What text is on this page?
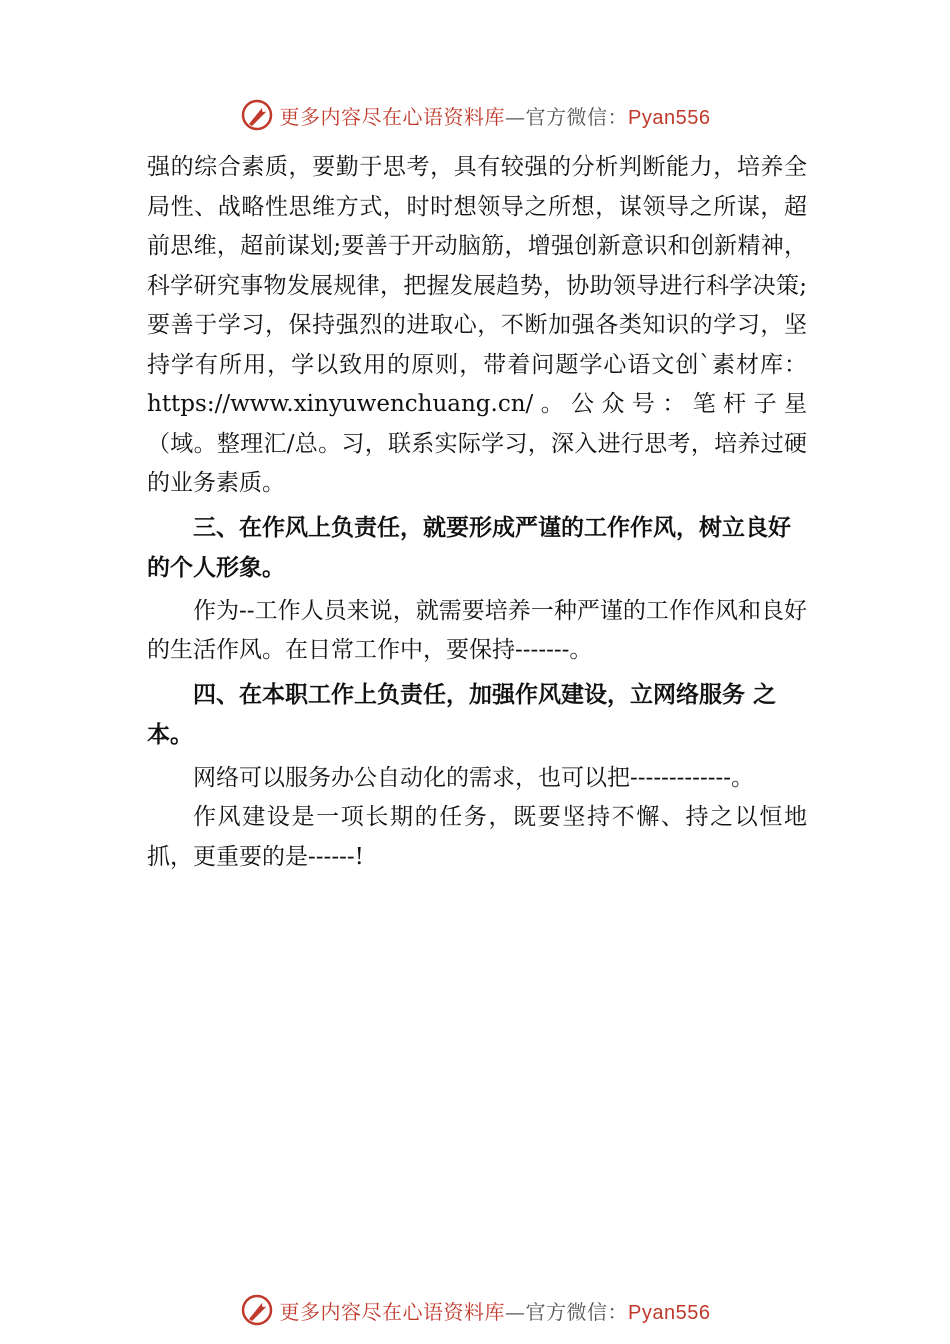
更多内容尽在心语资料库—官方微信：Pyan556

强的综合素质，要勤于思考，具有较强的分析判断能力，培养全局性、战略性思维方式，时时想领导之所想，谋领导之所谋，超前思维，超前谋划;要善于开动脑筋，增强创新意识和创新精神，科学研究事物发展规律，把握发展趋势，协助领导进行科学决策;要善于学习，保持强烈的进取心，不断加强各类知识的学习，坚持学有所用，学以致用的原则，带着问题学心语文创`素材库：https://www.xinyuwenchuang.cn/。公众号：笔杆子星（域。整理汇/总。习，联系实际学习，深入进行思考，培养过硬的业务素质。

三、在作风上负责任，就要形成严谨的工作作风，树立良好的个人形象。

作为--工作人员来说，就需要培养一种严谨的工作作风和良好的生活作风。在日常工作中，要保持-------。

四、在本职工作上负责任，加强作风建设，立网络服务 之本。

网络可以服务办公自动化的需求，也可以把-------------。

作风建设是一项长期的任务，既要坚持不懈、持之以恒地抓，更重要的是------!

更多内容尽在心语资料库—官方微信：Pyan556
